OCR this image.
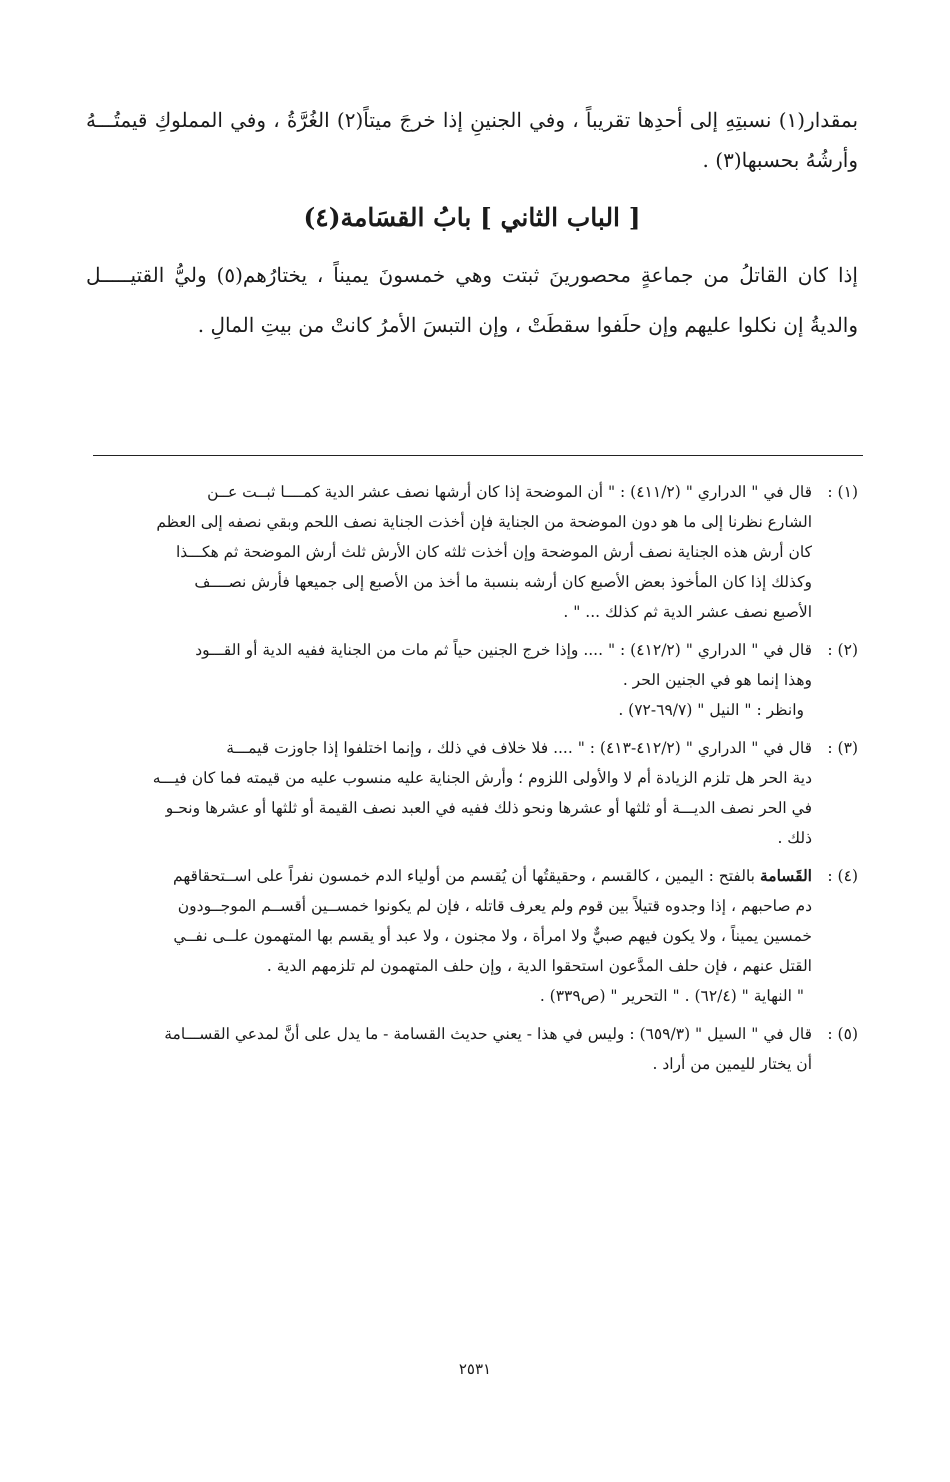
بمقدار(١) نسبتِهِ إلى أحدِها تقريباً ، وفي الجنينِ إذا خرجَ ميتاً(٢) الغُرَّةُ ، وفي المملوكِ قيمتُـــهُ وأرشُهُ بحسبها(٣) .

[ الباب الثاني ] بابُ القسَامة(٤)

إذا كان القاتلُ من جماعةٍ محصورينَ ثبتت وهي خمسونَ يميناً ، يختارُهم(٥) وليُّ القتيـــــل والديةُ إن نكلوا عليهم وإن حلَفوا سقطَتْ ، وإن التبسَ الأمرُ كانتْ من بيتِ المالِ .

(١) :

قال في " الدراري " (٤١١/٢) : " أن الموضحة إذا كان أرشها نصف عشر الدية كمــــا ثبــت عــن

الشارع نظرنا إلى ما هو دون الموضحة من الجناية فإن أخذت الجناية نصف اللحم وبقي نصفه إلى العظم

كان أرش هذه الجناية نصف أرش الموضحة وإن أخذت ثلثه كان الأرش ثلث أرش الموضحة ثم هكـــذا

وكذلك إذا كان المأخوذ بعض الأصبع كان أرشه بنسبة ما أخذ من الأصبع إلى جميعها فأرش نصــــف

الأصبع نصف عشر الدية ثم كذلك ... " .

(٢) :

قال في " الدراري " (٤١٢/٢) : " .... وإذا خرج الجنين حياً ثم مات من الجناية ففيه الدية أو القـــود

وهذا إنما هو في الجنين الحر .

وانظر : " النيل " (٦٩/٧-٧٢) .

(٣) :

قال في " الدراري " (٤١٢/٢-٤١٣) : " .... فلا خلاف في ذلك ، وإنما اختلفوا إذا جاوزت قيمـــة

دية الحر هل تلزم الزيادة أم لا والأولى اللزوم ؛ وأرش الجناية عليه منسوب عليه من قيمته فما كان فيـــه

في الحر نصف الديـــة أو ثلثها أو عشرها ونحو ذلك ففيه في العبد نصف القيمة أو ثلثها أو عشرها ونحـو

ذلك .

(٤) :

القَسامة بالفتح : اليمين ، كالقسم ، وحقيقتُها أن يُقسم من أولياء الدم خمسون نفراً على اســتحقاقهم

دم صاحبهم ، إذا وجدوه قتيلاً بين قوم ولم يعرف قاتله ، فإن لم يكونوا خمســين أقســم الموجــودون

خمسين يميناً ، ولا يكون فيهم صبيٌّ ولا امرأة ، ولا مجنون ، ولا عبد أو يقسم بها المتهمون علــى نفــي

القتل عنهم ، فإن حلف المدَّعون استحقوا الدية ، وإن حلف المتهمون لم تلزمهم الدية .

" النهاية " (٦٢/٤) . " التحرير " (ص٣٣٩) .

(٥) :

قال في " السيل " (٦٥٩/٣) : وليس في هذا - يعني حديث القسامة - ما يدل على أنَّ لمدعي القســـامة

أن يختار لليمين من أراد .

٢٥٣١
